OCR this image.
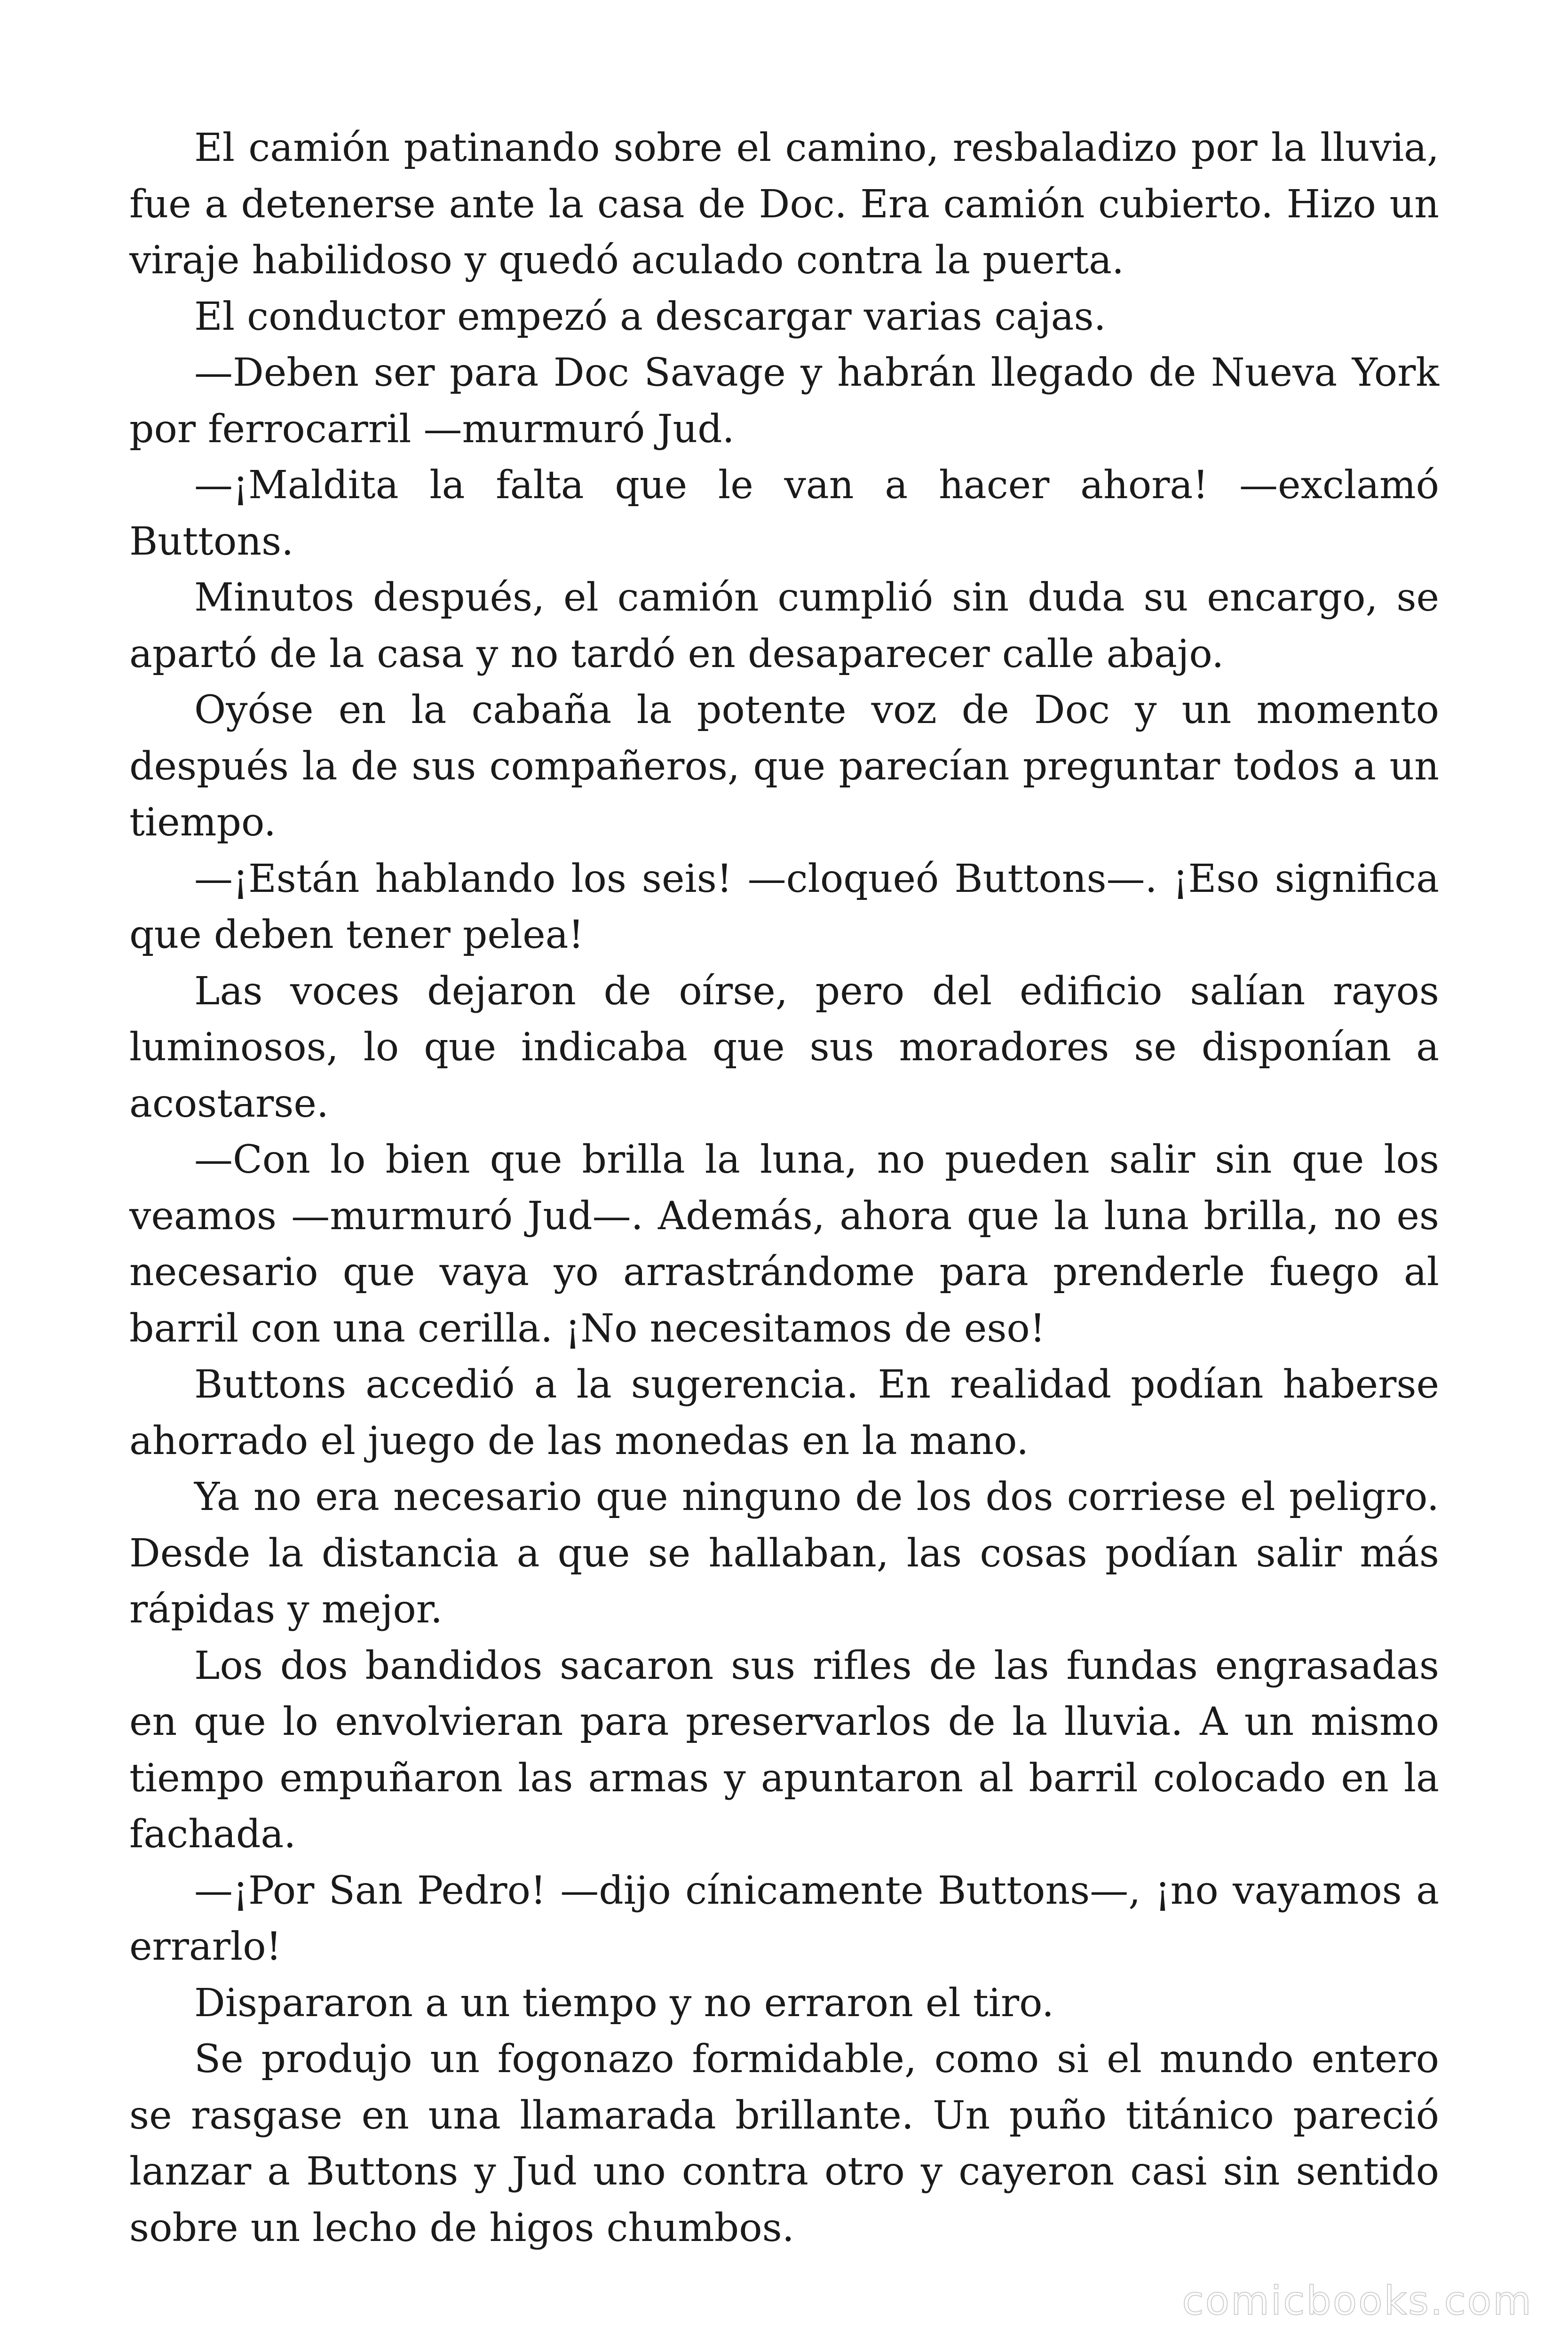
El camión patinando sobre el camino, resbaladizo por la lluvia, fue a detenerse ante la casa de Doc. Era camión cubierto. Hizo un viraje habilidoso y quedó aculado contra la puerta.

El conductor empezó a descargar varias cajas.

—Deben ser para Doc Savage y habrán llegado de Nueva York por ferrocarril —murmuró Jud.

—¡Maldita la falta que le van a hacer ahora! —exclamó Buttons.

Minutos después, el camión cumplió sin duda su encargo, se apartó de la casa y no tardó en desaparecer calle abajo.

Oyóse en la cabaña la potente voz de Doc y un momento después la de sus compañeros, que parecían preguntar todos a un tiempo.

—¡Están hablando los seis! —cloqueó Buttons—. ¡Eso significa que deben tener pelea!

Las voces dejaron de oírse, pero del edificio salían rayos luminosos, lo que indicaba que sus moradores se disponían a acostarse.

—Con lo bien que brilla la luna, no pueden salir sin que los veamos —murmuró Jud—. Además, ahora que la luna brilla, no es necesario que vaya yo arrastrándome para prenderle fuego al barril con una cerilla. ¡No necesitamos de eso!

Buttons accedió a la sugerencia. En realidad podían haberse ahorrado el juego de las monedas en la mano.

Ya no era necesario que ninguno de los dos corriese el peligro. Desde la distancia a que se hallaban, las cosas podían salir más rápidas y mejor.

Los dos bandidos sacaron sus rifles de las fundas engrasadas en que lo envolvieran para preservarlos de la lluvia. A un mismo tiempo empuñaron las armas y apuntaron al barril colocado en la fachada.

—¡Por San Pedro! —dijo cínicamente Buttons—, ¡no vayamos a errarlo!

Dispararon a un tiempo y no erraron el tiro.

Se produjo un fogonazo formidable, como si el mundo entero se rasgase en una llamarada brillante. Un puño titánico pareció lanzar a Buttons y Jud uno contra otro y cayeron casi sin sentido sobre un lecho de higos chumbos.

comicbooks.com
